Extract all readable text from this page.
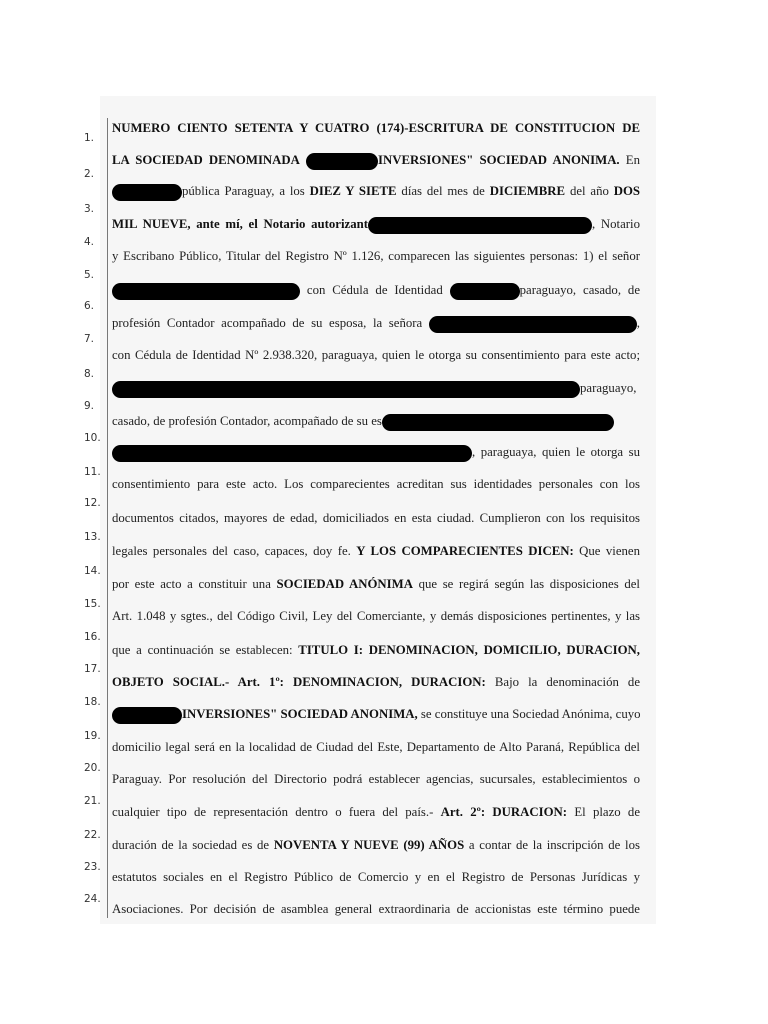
1.
2.
3.
4.
5.
6.
7.
8.
9.
10.
11.
12.
13.
14.
15.
16.
17.
18.
19.
20.
21.
22.
23.
24.
NUMERO CIENTO SETENTA Y CUATRO (174)-ESCRITURA DE CONSTITUCION DE
LA SOCIEDAD DENOMINADA	INVERSIONES" SOCIEDAD ANONIMA. En
pública Paraguay, a los DIEZ Y SIETE días del mes de DICIEMBRE del año DOS
MIL NUEVE, ante mí, el Notario autorizant	, Notario
y Escribano Público, Titular del Registro Nº 1.126, comparecen las siguientes personas: 1) el señor
con Cédula de Identidad	paraguayo, casado, de
profesión Contador acompañado de su esposa, la señora	,
con Cédula de Identidad Nº 2.938.320, paraguaya, quien le otorga su consentimiento para este acto;
paraguayo,
casado, de profesión Contador, acompañado de su es
, paraguaya, quien le otorga su
consentimiento para este acto. Los comparecientes acreditan sus identidades personales con los
documentos citados, mayores de edad, domiciliados en esta ciudad. Cumplieron con los requisitos
legales personales del caso, capaces, doy fe. Y LOS COMPARECIENTES DICEN: Que vienen
por este acto a constituir una SOCIEDAD ANÓNIMA que se regirá según las disposiciones del
Art. 1.048 y sgtes., del Código Civil, Ley del Comerciante, y demás disposiciones pertinentes, y las
que a continuación se establecen: TITULO I: DENOMINACION, DOMICILIO, DURACION,
OBJETO SOCIAL.- Art. 1º: DENOMINACION, DURACION: Bajo la denominación de
INVERSIONES" SOCIEDAD ANONIMA, se constituye una Sociedad Anónima, cuyo
domicilio legal será en la localidad de Ciudad del Este, Departamento de Alto Paraná, República del
Paraguay. Por resolución del Directorio podrá establecer agencias, sucursales, establecimientos o
cualquier tipo de representación dentro o fuera del país.- Art. 2º: DURACION: El plazo de
duración de la sociedad es de NOVENTA Y NUEVE (99) AÑOS a contar de la inscripción de los
estatutos sociales en el Registro Público de Comercio y en el Registro de Personas Jurídicas y
Asociaciones. Por decisión de asamblea general extraordinaria de accionistas este término puede
